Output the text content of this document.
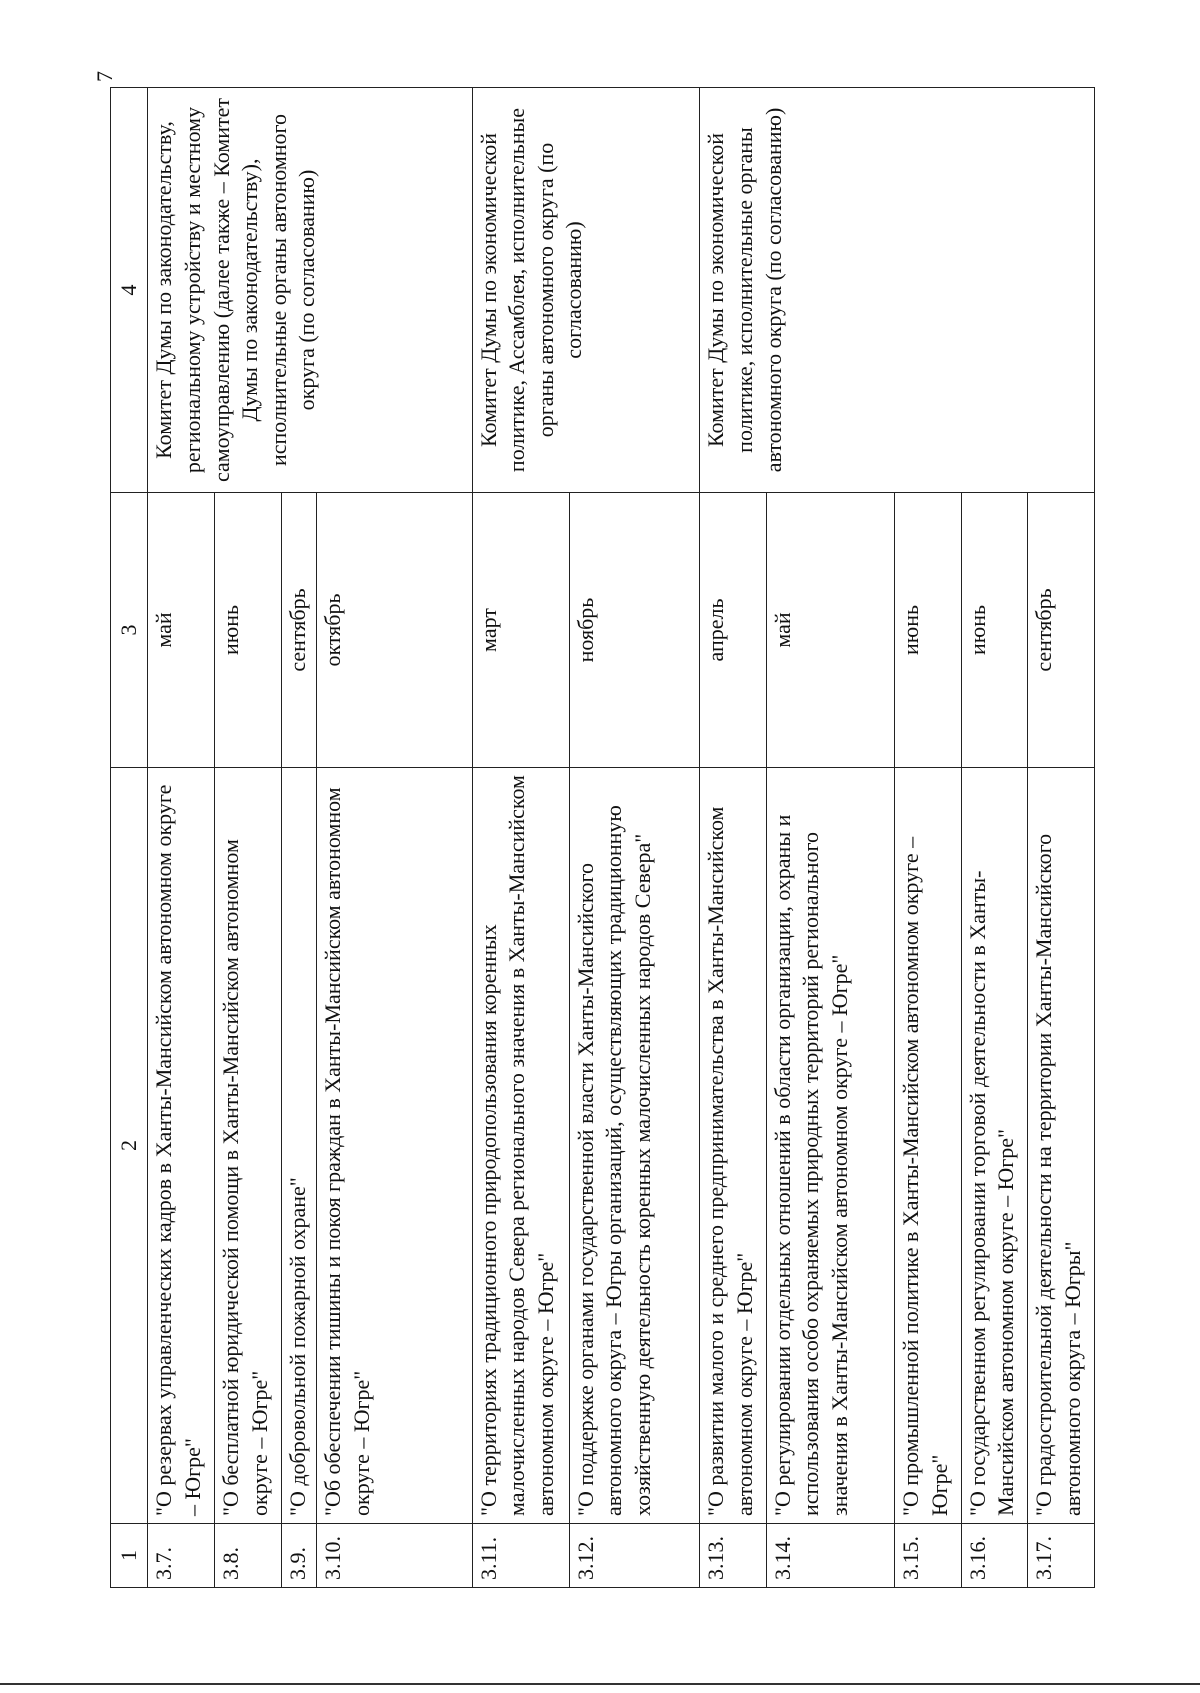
7
1	2	3	4
3.7.	"О резервах управленческих кадров в Ханты-Мансийском автономном округе – Югре"	май	Комитет Думы по законодательству, региональному устройству и местному самоуправлению (далее также – Комитет Думы по законодательству), исполнительные органы автономного округа (по согласованию)
3.8.	"О бесплатной юридической помощи в Ханты-Мансийском автономном округе – Югре"	июнь	
3.9.	"О добровольной пожарной охране"	сентябрь	
3.10.	"Об обеспечении тишины и покоя граждан в Ханты-Мансийском автономном округе – Югре"	октябрь	
3.11.	"О территориях традиционного природопользования коренных малочисленных народов Севера регионального значения в Ханты-Мансийском автономном округе – Югре"	март	Комитет Думы по экономической политике, Ассамблея, исполнительные органы автономного округа (по согласованию)
3.12.	"О поддержке органами государственной власти Ханты-Мансийского автономного округа – Югры организаций, осуществляющих традиционную хозяйственную деятельность коренных малочисленных народов Севера"	ноябрь	
3.13.	"О развитии малого и среднего предпринимательства в Ханты-Мансийском автономном округе – Югре"	апрель	Комитет Думы по экономической политике, исполнительные органы автономного округа (по согласованию)
3.14.	"О регулировании отдельных отношений в области организации, охраны и использования особо охраняемых природных территорий регионального значения в Ханты-Мансийском автономном округе – Югре"	май	
3.15.	"О промышленной политике в Ханты-Мансийском автономном округе – Югре"	июнь	
3.16.	"О государственном регулировании торговой деятельности в Ханты-Мансийском автономном округе – Югре"	июнь	
3.17.	"О градостроительной деятельности на территории Ханты-Мансийского автономного округа – Югры"	сентябрь	
